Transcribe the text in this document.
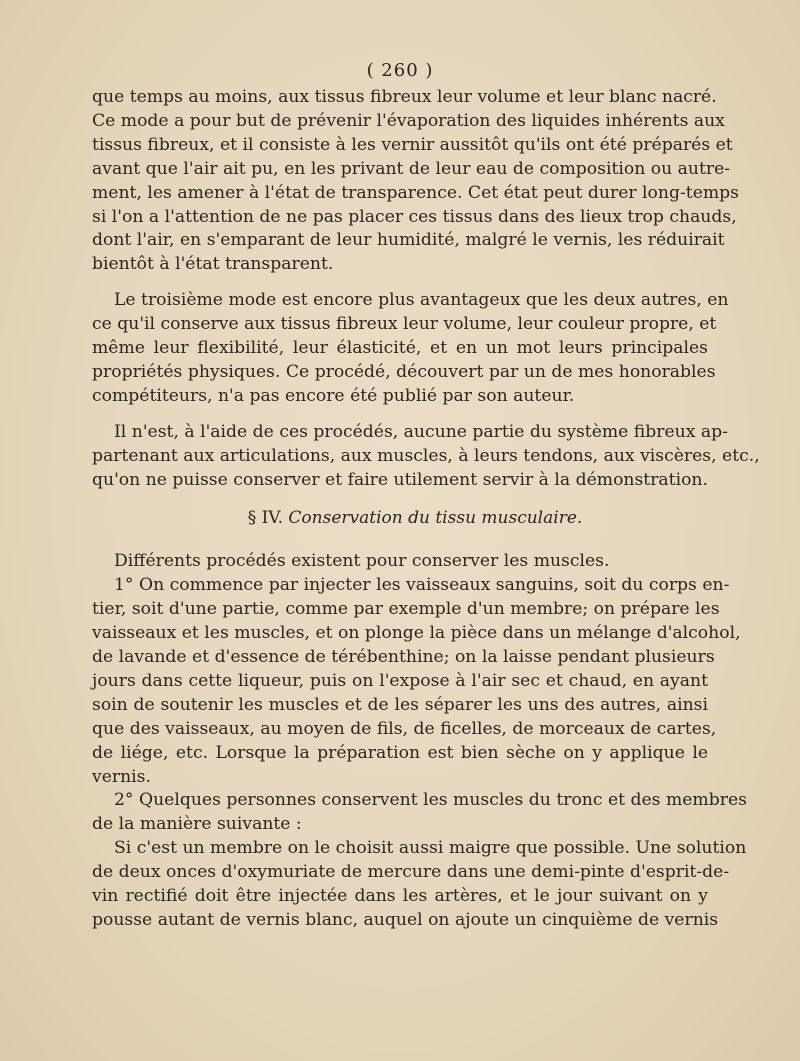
( 260 )
que temps au moins, aux tissus fibreux leur volume et leur blanc nacré.
Ce mode a pour but de prévenir l'évaporation des liquides inhérents aux
tissus fibreux, et il consiste à les vernir aussitôt qu'ils ont été préparés et
avant que l'air ait pu, en les privant de leur eau de composition ou autre-
ment, les amener à l'état de transparence. Cet état peut durer long-temps
si l'on a l'attention de ne pas placer ces tissus dans des lieux trop chauds,
dont l'air, en s'emparant de leur humidité, malgré le vernis, les réduirait
bientôt à l'état transparent.
Le troisième mode est encore plus avantageux que les deux autres, en
ce qu'il conserve aux tissus fibreux leur volume, leur couleur propre, et
même leur flexibilité, leur élasticité, et en un mot leurs principales
propriétés physiques. Ce procédé, découvert par un de mes honorables
compétiteurs, n'a pas encore été publié par son auteur.
Il n'est, à l'aide de ces procédés, aucune partie du système fibreux ap-
partenant aux articulations, aux muscles, à leurs tendons, aux viscères, etc.,
qu'on ne puisse conserver et faire utilement servir à la démonstration.
§ IV. Conservation du tissu musculaire.
Différents procédés existent pour conserver les muscles.
1° On commence par injecter les vaisseaux sanguins, soit du corps en-
tier, soit d'une partie, comme par exemple d'un membre; on prépare les
vaisseaux et les muscles, et on plonge la pièce dans un mélange d'alcohol,
de lavande et d'essence de térébenthine; on la laisse pendant plusieurs
jours dans cette liqueur, puis on l'expose à l'air sec et chaud, en ayant
soin de soutenir les muscles et de les séparer les uns des autres, ainsi
que des vaisseaux, au moyen de fils, de ficelles, de morceaux de cartes,
de liége, etc. Lorsque la préparation est bien sèche on y applique le
vernis.
2° Quelques personnes conservent les muscles du tronc et des membres
de la manière suivante :
Si c'est un membre on le choisit aussi maigre que possible. Une solution
de deux onces d'oxymuriate de mercure dans une demi-pinte d'esprit-de-
vin rectifié doit être injectée dans les artères, et le jour suivant on y
pousse autant de vernis blanc, auquel on ajoute un cinquième de vernis
